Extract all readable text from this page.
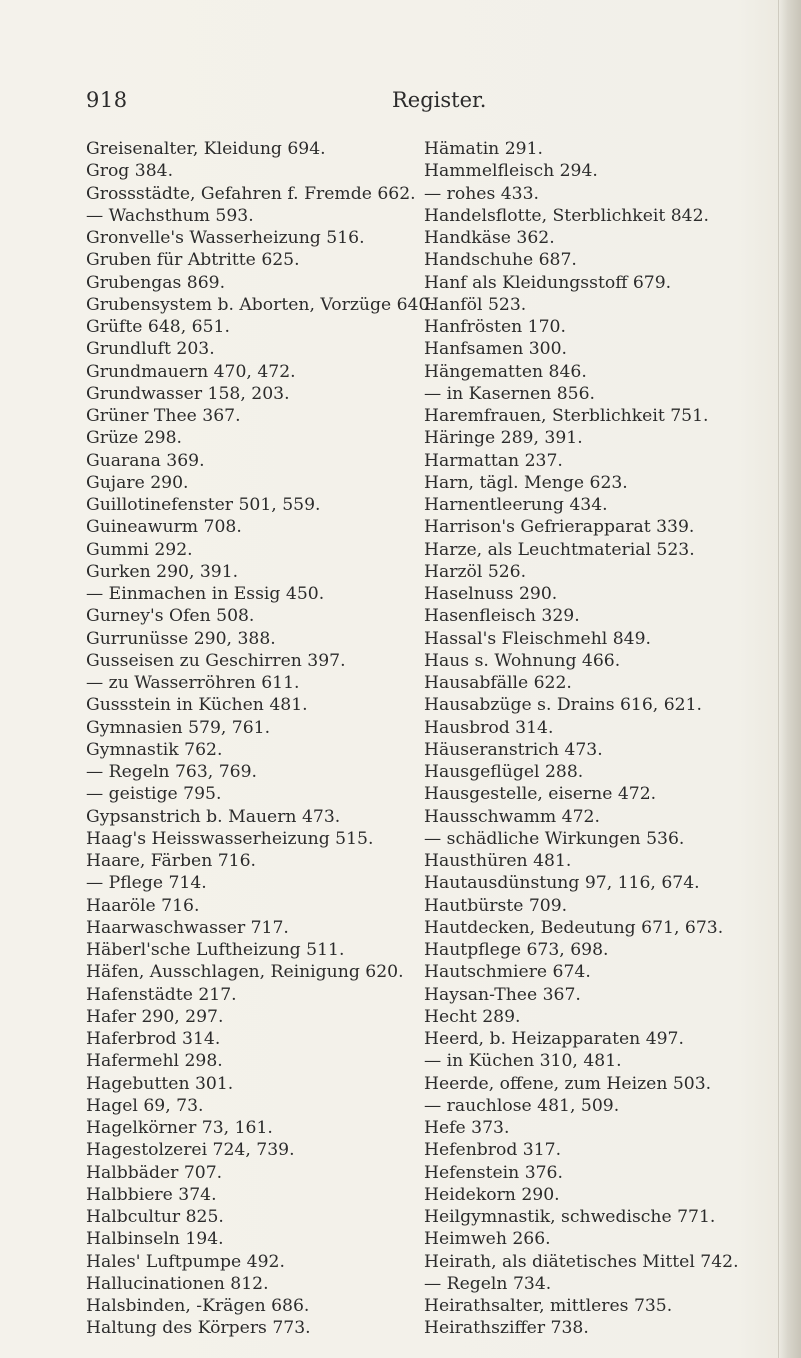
918	Register.
Greisenalter, Kleidung 694.
Grog 384.
Grossstädte, Gefahren f. Fremde 662.
— Wachsthum 593.
Gronvelle's Wasserheizung 516.
Gruben für Abtritte 625.
Grubengas 869.
Grubensystem b. Aborten, Vorzüge 640.
Grüfte 648, 651.
Grundluft 203.
Grundmauern 470, 472.
Grundwasser 158, 203.
Grüner Thee 367.
Grüze 298.
Guarana 369.
Gujare 290.
Guillotinefenster 501, 559.
Guineawurm 708.
Gummi 292.
Gurken 290, 391.
— Einmachen in Essig 450.
Gurney's Ofen 508.
Gurrunüsse 290, 388.
Gusseisen zu Geschirren 397.
— zu Wasserröhren 611.
Gussstein in Küchen 481.
Gymnasien 579, 761.
Gymnastik 762.
— Regeln 763, 769.
— geistige 795.
Gypsanstrich b. Mauern 473.
Haag's Heisswasserheizung 515.
Haare, Färben 716.
— Pflege 714.
Haaröle 716.
Haarwaschwasser 717.
Häberl'sche Luftheizung 511.
Häfen, Ausschlagen, Reinigung 620.
Hafenstädte 217.
Hafer 290, 297.
Haferbrod 314.
Hafermehl 298.
Hagebutten 301.
Hagel 69, 73.
Hagelkörner 73, 161.
Hagestolzerei 724, 739.
Halbbäder 707.
Halbbiere 374.
Halbcultur 825.
Halbinseln 194.
Hales' Luftpumpe 492.
Hallucinationen 812.
Halsbinden, -Krägen 686.
Haltung des Körpers 773.
Hämatin 291.
Hammelfleisch 294.
— rohes 433.
Handelsflotte, Sterblichkeit 842.
Handkäse 362.
Handschuhe 687.
Hanf als Kleidungsstoff 679.
Hanföl 523.
Hanfrösten 170.
Hanfsamen 300.
Hängematten 846.
— in Kasernen 856.
Haremfrauen, Sterblichkeit 751.
Häringe 289, 391.
Harmattan 237.
Harn, tägl. Menge 623.
Harnentleerung 434.
Harrison's Gefrierapparat 339.
Harze, als Leuchtmaterial 523.
Harzöl 526.
Haselnuss 290.
Hasenfleisch 329.
Hassal's Fleischmehl 849.
Haus s. Wohnung 466.
Hausabfälle 622.
Hausabzüge s. Drains 616, 621.
Hausbrod 314.
Häuseranstrich 473.
Hausgeflügel 288.
Hausgestelle, eiserne 472.
Hausschwamm 472.
— schädliche Wirkungen 536.
Hausthüren 481.
Hautausdünstung 97, 116, 674.
Hautbürste 709.
Hautdecken, Bedeutung 671, 673.
Hautpflege 673, 698.
Hautschmiere 674.
Haysan-Thee 367.
Hecht 289.
Heerd, b. Heizapparaten 497.
— in Küchen 310, 481.
Heerde, offene, zum Heizen 503.
— rauchlose 481, 509.
Hefe 373.
Hefenbrod 317.
Hefenstein 376.
Heidekorn 290.
Heilgymnastik, schwedische 771.
Heimweh 266.
Heirath, als diätetisches Mittel 742.
— Regeln 734.
Heirathsalter, mittleres 735.
Heirathsziffer 738.
